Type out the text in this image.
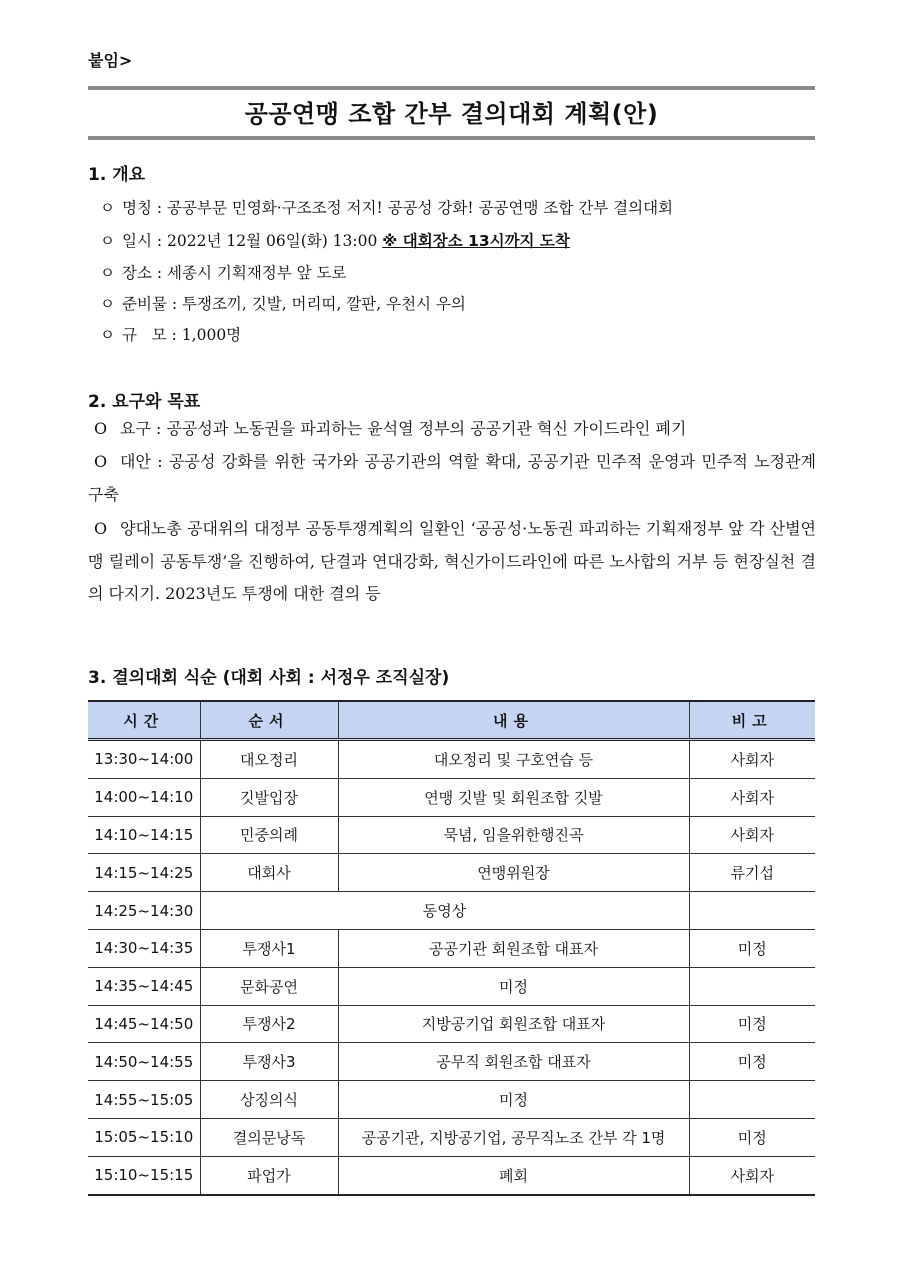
붙임>
공공연맹 조합 간부 결의대회 계획(안)
1. 개요
ㅇ 명칭 : 공공부문 민영화·구조조정 저지! 공공성 강화! 공공연맹 조합 간부 결의대회
ㅇ 일시 : 2022년 12월 06일(화) 13:00 ※ 대회장소 13시까지 도착
ㅇ 장소 : 세종시 기획재정부 앞 도로
ㅇ 준비물 : 투쟁조끼, 깃발, 머리띠, 깔판, 우천시 우의
ㅇ 규   모 : 1,000명
2. 요구와 목표
O 요구 : 공공성과 노동권을 파괴하는 윤석열 정부의 공공기관 혁신 가이드라인 폐기
O 대안 : 공공성 강화를 위한 국가와 공공기관의 역할 확대, 공공기관 민주적 운영과 민주적 노정관계 구축
O 양대노총 공대위의 대정부 공동투쟁계획의 일환인 ‘공공성·노동권 파괴하는 기획재정부 앞 각 산별연맹 릴레이 공동투쟁’을 진행하여, 단결과 연대강화, 혁신가이드라인에 따른 노사합의 거부 등 현장실천 결의 다지기. 2023년도 투쟁에 대한 결의 등
3. 결의대회 식순 (대회 사회 : 서정우 조직실장)
시간	순서	내용	비고
13:30~14:00	대오정리	대오정리 및 구호연습 등	사회자
14:00~14:10	깃발입장	연맹 깃발 및 회원조합 깃발	사회자
14:10~14:15	민중의례	묵념, 임을위한행진곡	사회자
14:15~14:25	대회사	연맹위원장	류기섭
14:25~14:30	동영상		
14:30~14:35	투쟁사1	공공기관 회원조합 대표자	미정
14:35~14:45	문화공연	미정	
14:45~14:50	투쟁사2	지방공기업 회원조합 대표자	미정
14:50~14:55	투쟁사3	공무직 회원조합 대표자	미정
14:55~15:05	상징의식	미정	
15:05~15:10	결의문낭독	공공기관, 지방공기업, 공무직노조 간부 각 1명	미정
15:10~15:15	파업가	폐회	사회자
